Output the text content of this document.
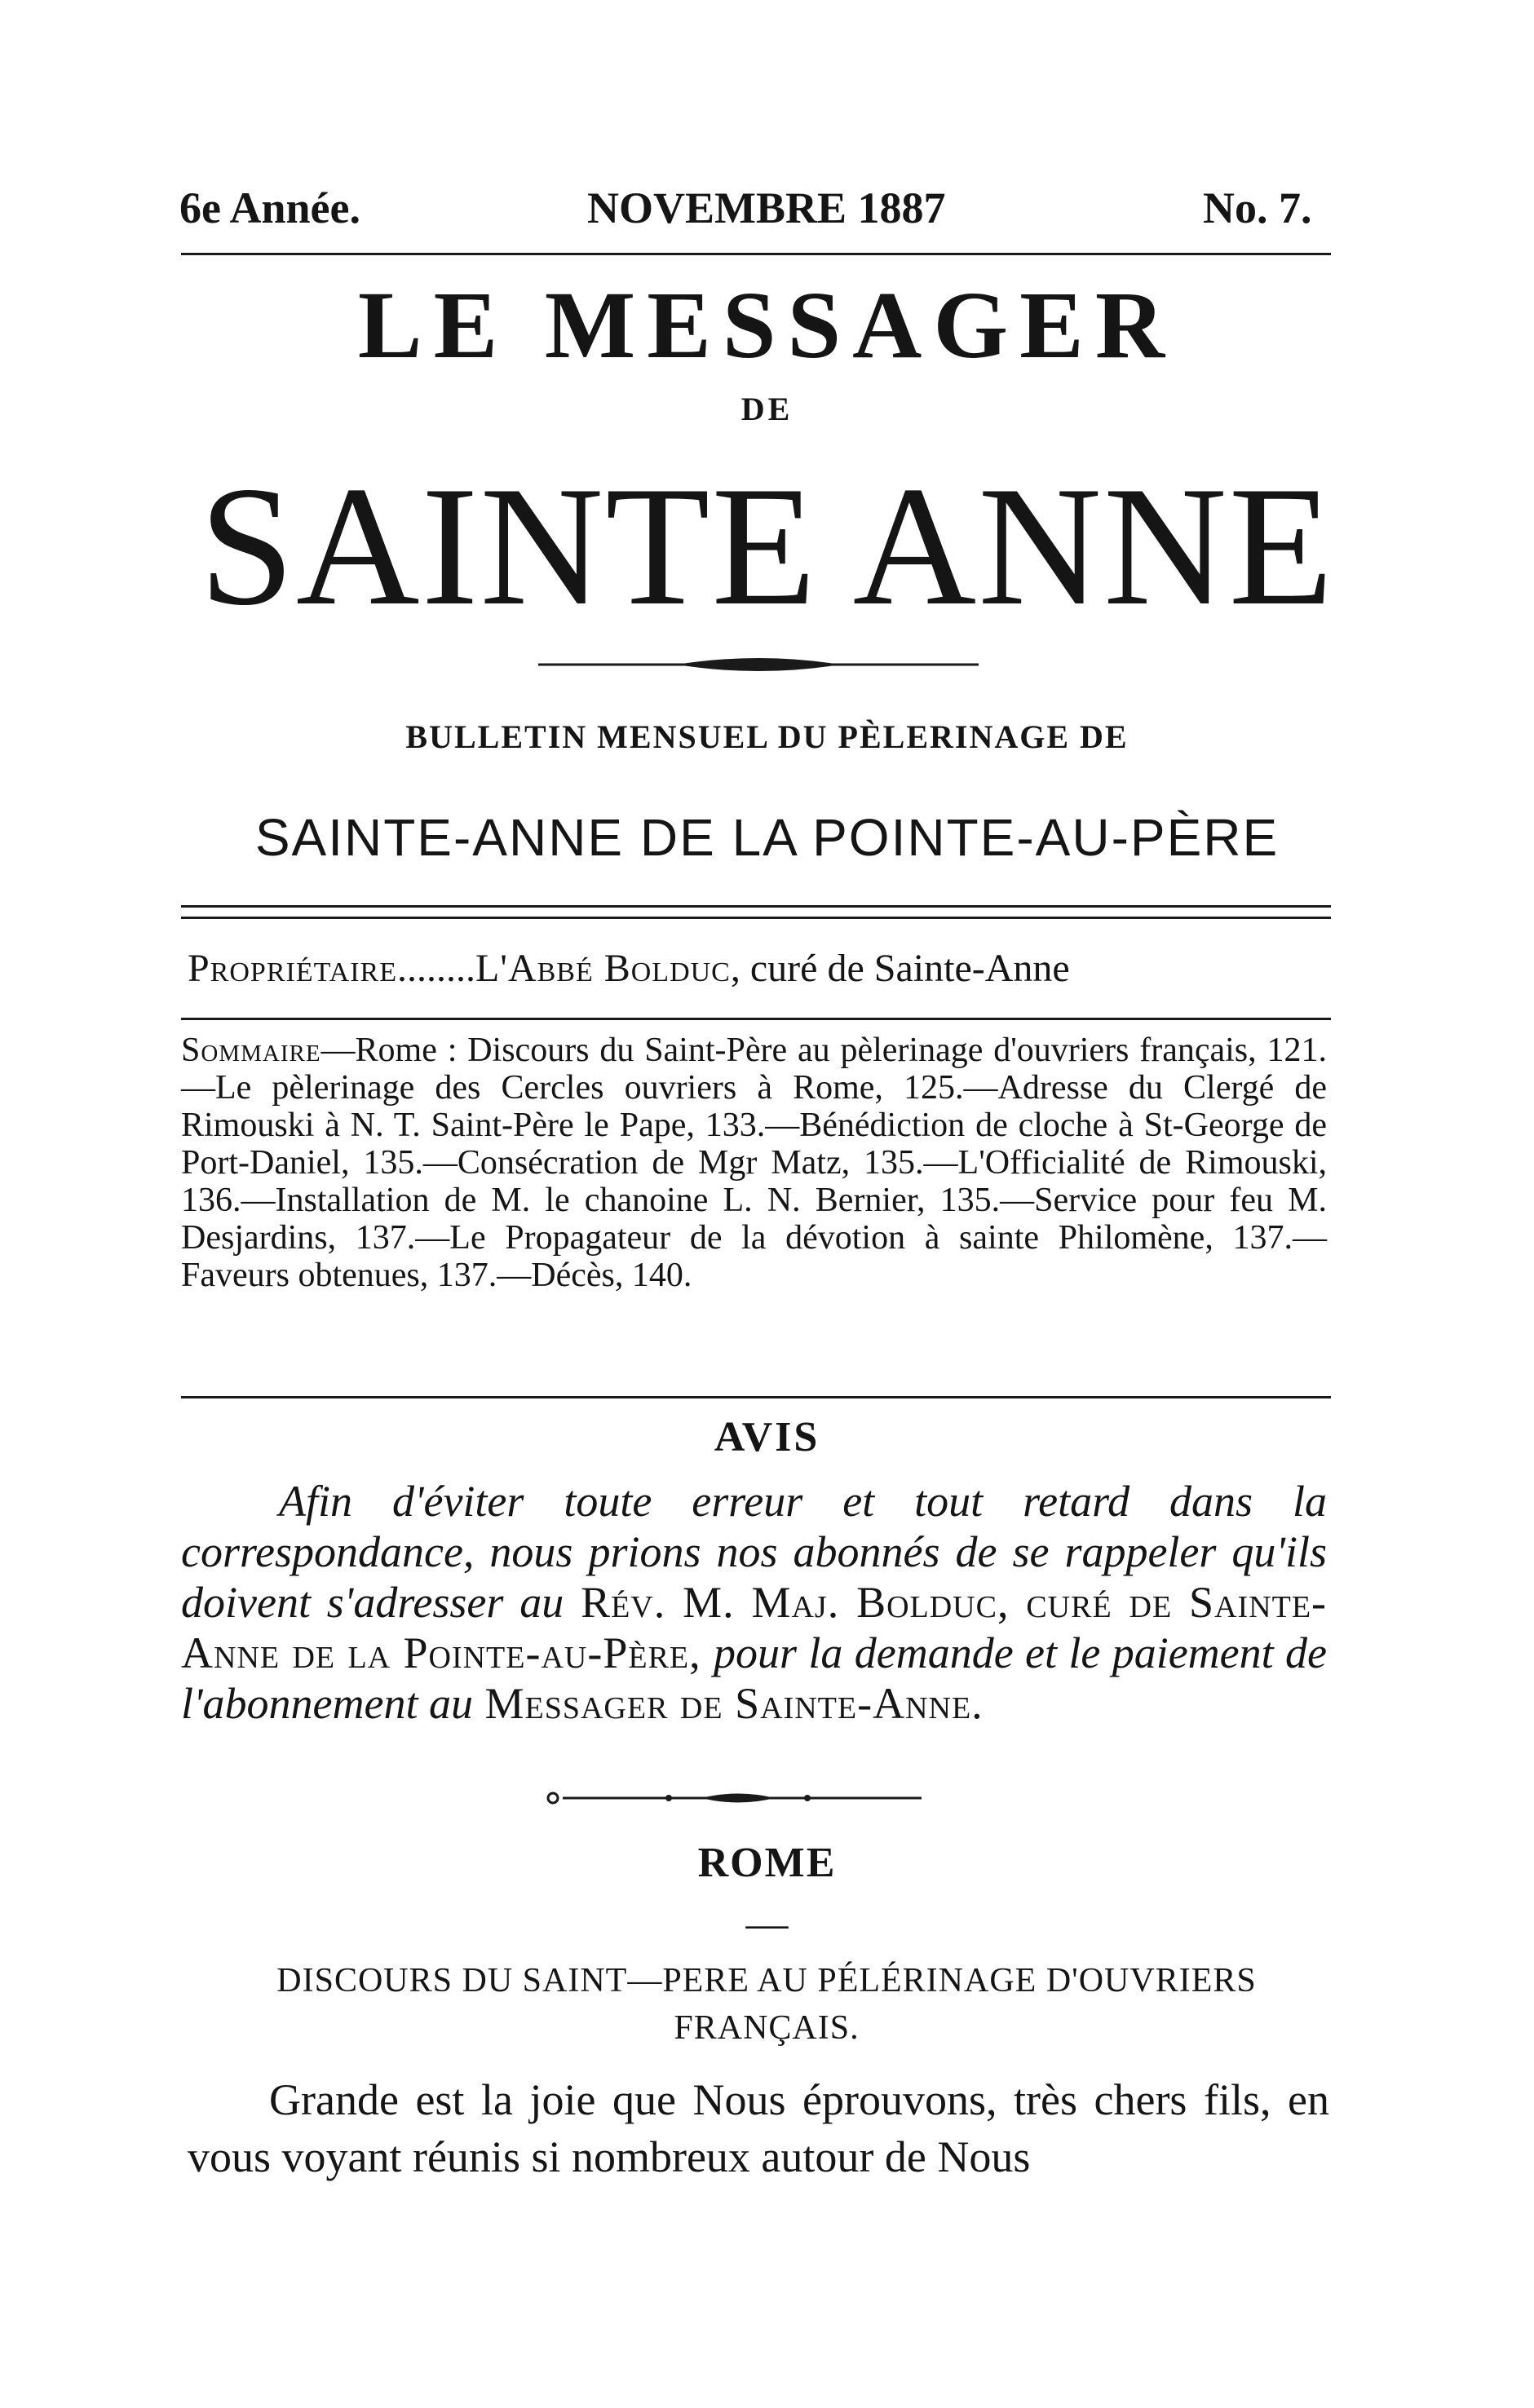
6e Année.	NOVEMBRE 1887	No. 7.
LE MESSAGER
DE
SAINTE ANNE
BULLETIN MENSUEL DU PÈLERINAGE DE
SAINTE-ANNE DE LA POINTE-AU-PÈRE
Propriétaire........L'Abbé Bolduc, curé de Sainte-Anne
Sommaire—Rome : Discours du Saint-Père au pèlerinage d'ouvriers français, 121.—Le pèlerinage des Cercles ouvriers à Rome, 125.—Adresse du Clergé de Rimouski à N. T. Saint-Père le Pape, 133.—Bénédiction de cloche à St-George de Port-Daniel, 135.—Consécration de Mgr Matz, 135.—L'Officialité de Rimouski, 136.—Installation de M. le chanoine L. N. Bernier, 135.—Service pour feu M. Desjardins, 137.—Le Propagateur de la dévotion à sainte Philomène, 137.—Faveurs obtenues, 137.—Décès, 140.
AVIS
Afin d'éviter toute erreur et tout retard dans la correspondance, nous prions nos abonnés de se rappeler qu'ils doivent s'adresser au Rév. M. Maj. Bolduc, curé de Sainte-Anne de la Pointe-au-Père, pour la demande et le paiement de l'abonnement au Messager de Sainte-Anne.
ROME
—
DISCOURS DU SAINT—PERE AU PÉLÉRINAGE D'OUVRIERS FRANÇAIS.

Grande est la joie que Nous éprouvons, très chers fils, en vous voyant réunis si nombreux autour de Nous
